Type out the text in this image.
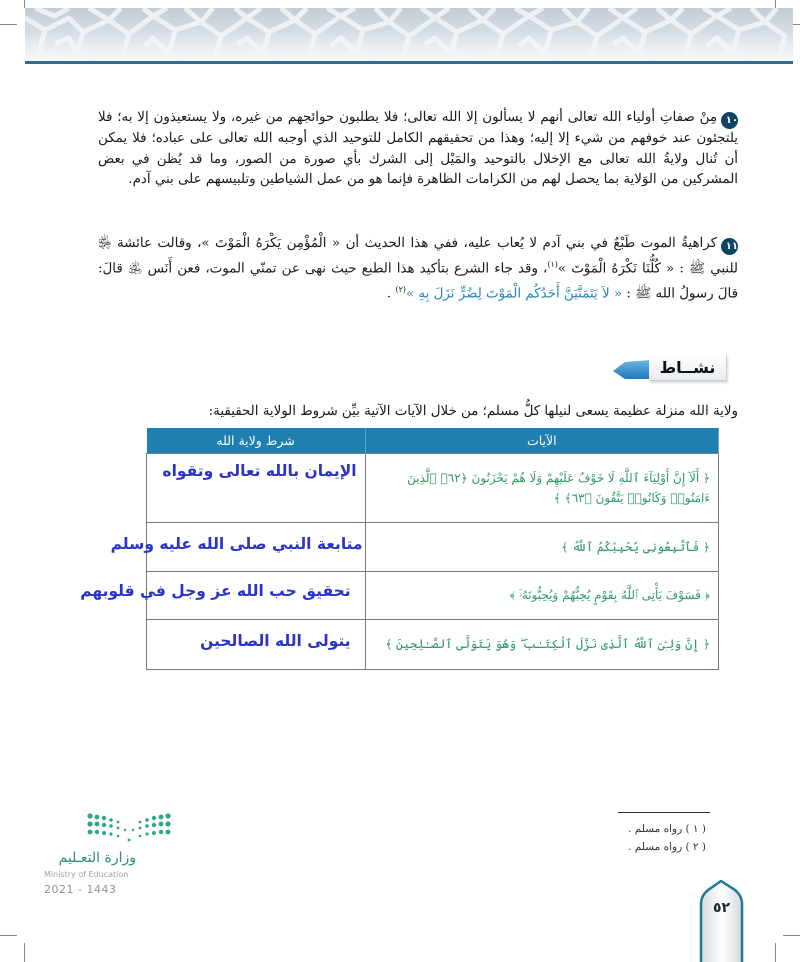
١٠مِنْ صفاتِ أولياء الله تعالى أنهم لا يسألون إلا الله تعالى؛ فلا يطلبون حوائجهم من غيره، ولا يستعيذون إلا به؛ فلا يلتجئون عند خوفهم من شيء إلا إليه؛ وهذا من تحقيقهم الكامل للتوحيد الذي أوجبه الله تعالى على عباده؛ فلا يمكن أن تُنال ولايةُ الله تعالى مع الإخلال بالتوحيد والمَيْل إلى الشرك بأي صورة من الصور، وما قد يُظن في بعض المشركين من الوَلاية بما يحصل لهم من الكرامات الظاهرة فإنما هو من عمل الشياطين وتلبيسهم على بني آدم.
١١كراهيةُ الموت طَبْعٌ في بني آدم لا يُعاب عليه، ففي هذا الحديث أن « الْمُؤْمِن يَكْرَهُ الْمَوْتَ »، وقالت عائشة ﵂ للنبي ﷺ : « كُلُّنَا نَكْرَهُ الْمَوْتَ »$^{(١)}$، وقد جاء الشرع بتأكيد هذا الطبع حيث نهى عن تمنّي الموت، فعن أَنَس ﵁ قالَ: قالَ رسولُ الله ﷺ : « لاَ يَتَمَنَّيَنَّ أَحَدُكُم الْمَوْتَ لِضُرٍّ نَزَلَ بِهِ »$^{(٢)}$ .
نشــاط
ولاية الله منزلة عظيمة يسعى لنيلها كلُّ مسلم؛ من خلال الآيات الآتية بيِّن شروط الولاية الحقيقية:
الآيات	شرط ولاية الله
﴿ أَلَآ إِنَّ أَوْلِيَآءَ ٱللَّهِ لَا خَوْفٌ عَلَيْهِمْ وَلَا هُمْ يَحْزَنُونَ ﴿٦٢﴾ ٱلَّذِينَ ءَامَنُوا۟ وَكَانُوا۟ يَتَّقُونَ ﴿٦٣﴾ ﴾	الإيمان بالله تعالى وتقواه

﴿ فَٱتَّبِعُونِى يُحْبِبْكُمُ ٱللَّهُ ﴾	متابعة النبي صلى الله عليه وسلم

﴿ فَسَوْفَ يَأْتِى ٱللَّهُ بِقَوْمٍ يُحِبُّهُمْ وَيُحِبُّونَهُۥٓ ﴾	تحقيق حب الله عز وجل في قلوبهم

﴿ إِنَّ وَلِـِّۧىَ ٱللَّهُ ٱلَّذِى نَزَّلَ ٱلْكِتَـٰبَ ۖ وَهُوَ يَتَوَلَّى ٱلصَّـٰلِحِينَ ﴾	يتولى الله الصالحين
( ١ ) رواه مسلم .
( ٢ ) رواه مسلم .
٥٢
وزارة التعـليم
Ministry of Education
2021 - 1443
